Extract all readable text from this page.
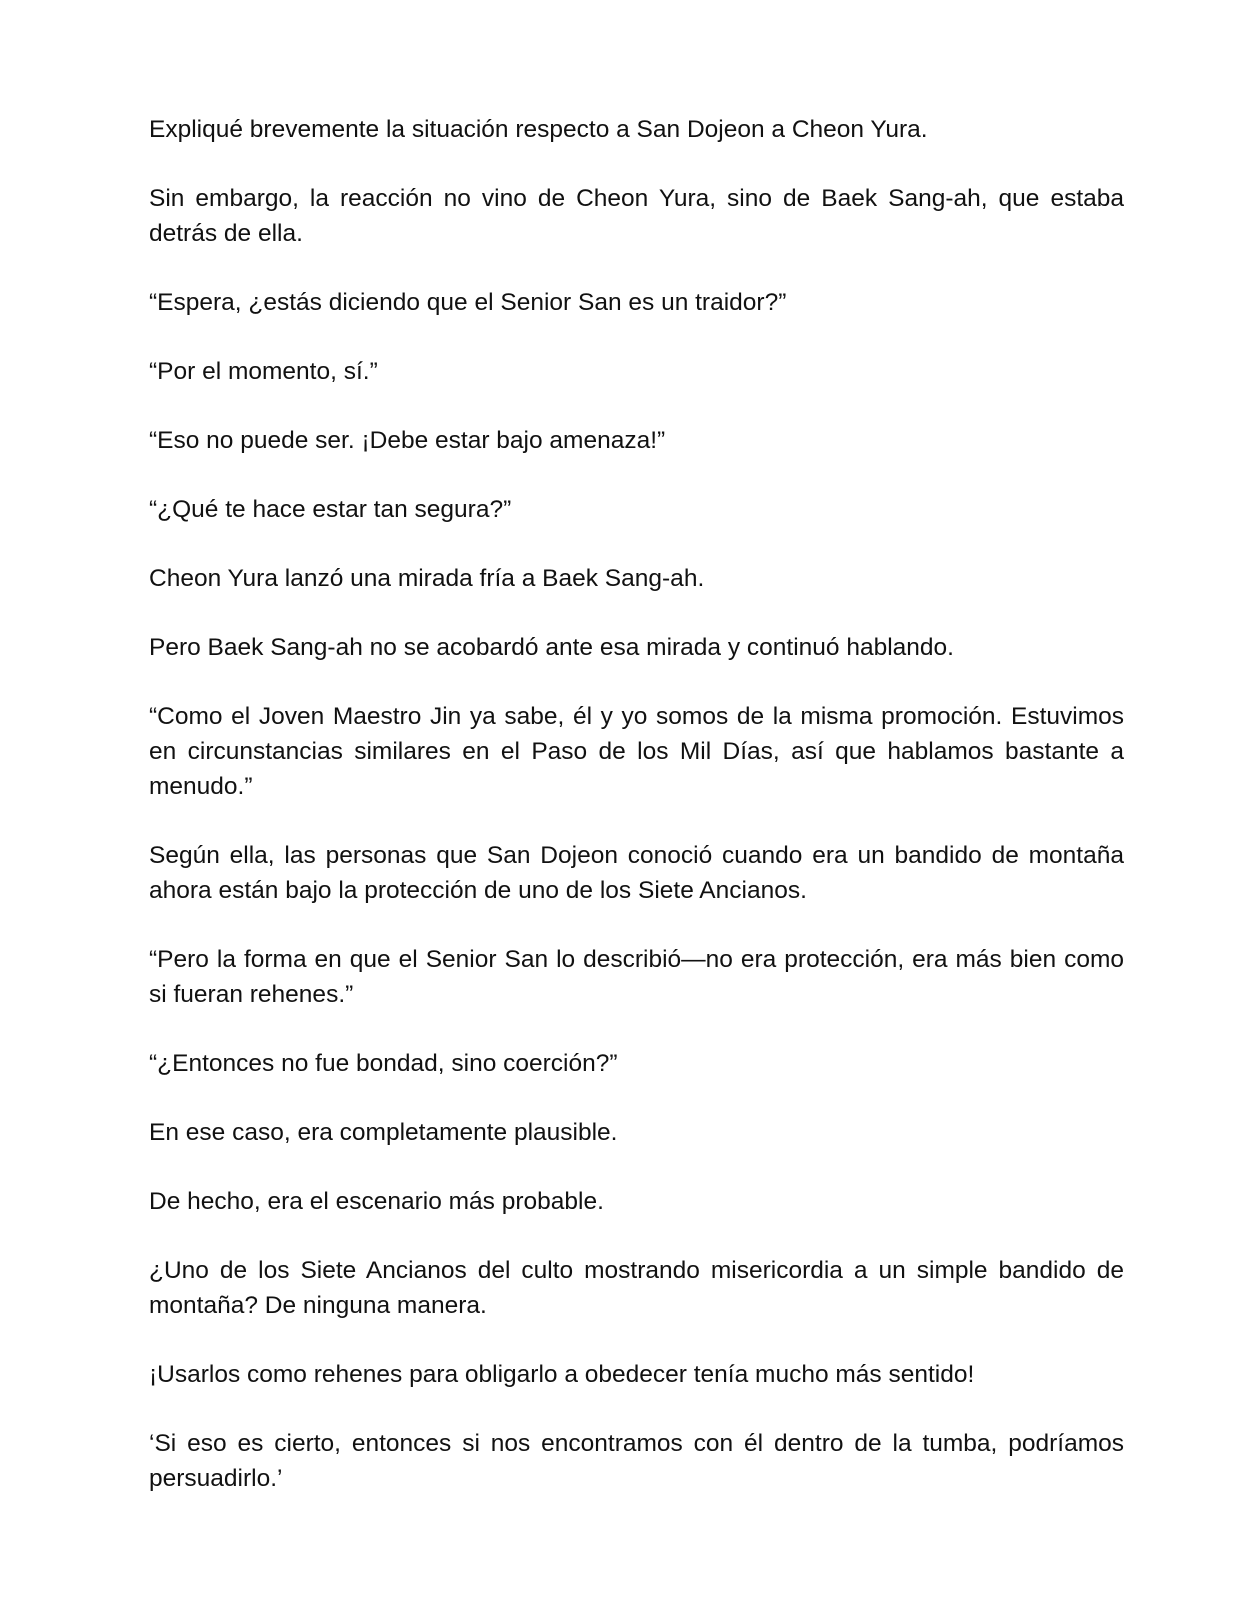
Expliqué brevemente la situación respecto a San Dojeon a Cheon Yura.

Sin embargo, la reacción no vino de Cheon Yura, sino de Baek Sang-ah, que estaba detrás de ella.

“Espera, ¿estás diciendo que el Senior San es un traidor?”

“Por el momento, sí.”

“Eso no puede ser. ¡Debe estar bajo amenaza!”

“¿Qué te hace estar tan segura?”

Cheon Yura lanzó una mirada fría a Baek Sang-ah.

Pero Baek Sang-ah no se acobardó ante esa mirada y continuó hablando.

“Como el Joven Maestro Jin ya sabe, él y yo somos de la misma promoción. Estuvimos en circunstancias similares en el Paso de los Mil Días, así que hablamos bastante a menudo.”

Según ella, las personas que San Dojeon conoció cuando era un bandido de montaña ahora están bajo la protección de uno de los Siete Ancianos.

“Pero la forma en que el Senior San lo describió—no era protección, era más bien como si fueran rehenes.”

“¿Entonces no fue bondad, sino coerción?”

En ese caso, era completamente plausible.

De hecho, era el escenario más probable.

¿Uno de los Siete Ancianos del culto mostrando misericordia a un simple bandido de montaña? De ninguna manera.

¡Usarlos como rehenes para obligarlo a obedecer tenía mucho más sentido!

‘Si eso es cierto, entonces si nos encontramos con él dentro de la tumba, podríamos persuadirlo.’
